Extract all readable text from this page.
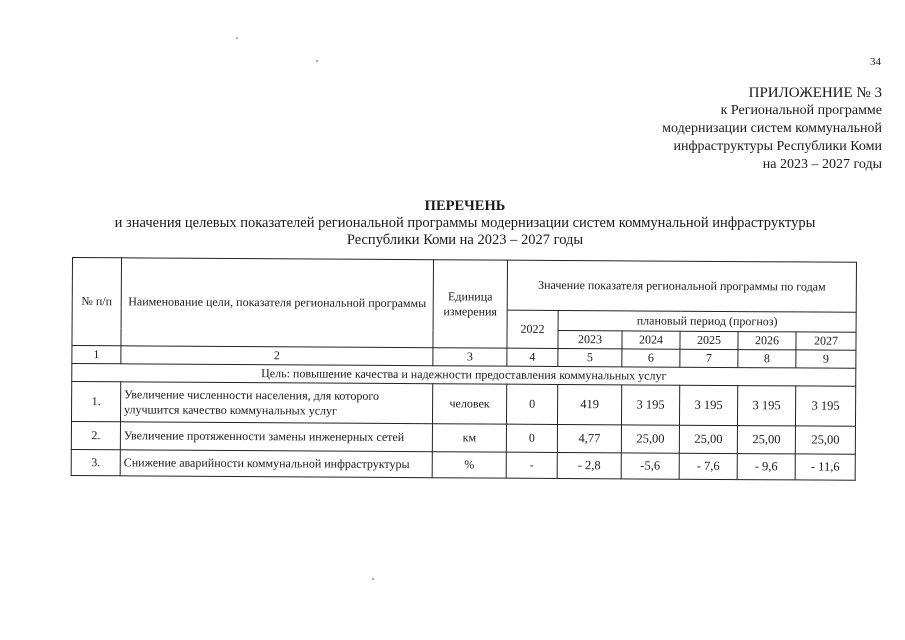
34
ПРИЛОЖЕНИЕ № 3
к Региональной программе
модернизации систем коммунальной
инфраструктуры Республики Коми
на 2023 – 2027 годы
ПЕРЕЧЕНЬ
и значения целевых показателей региональной программы модернизации систем коммунальной инфраструктуры
Республики Коми на 2023 – 2027 годы
№ п/п	Наименование цели, показателя региональной программы	Единица измерения	Значение показателя региональной программы по годам					
			2022	плановый период (прогноз)				
				2023	2024	2025	2026	2027
1	2	3	4	5	6	7	8	9
Цель: повышение качества и надежности предоставления коммунальных услуг								
1.	Увеличение численности населения, для которого улучшится качество коммунальных услуг	человек	0	419	3 195	3 195	3 195	3 195
2.	Увеличение протяженности замены инженерных сетей	км	0	4,77	25,00	25,00	25,00	25,00
3.	Снижение аварийности коммунальной инфраструктуры	%	-	- 2,8	-5,6	- 7,6	- 9,6	- 11,6
